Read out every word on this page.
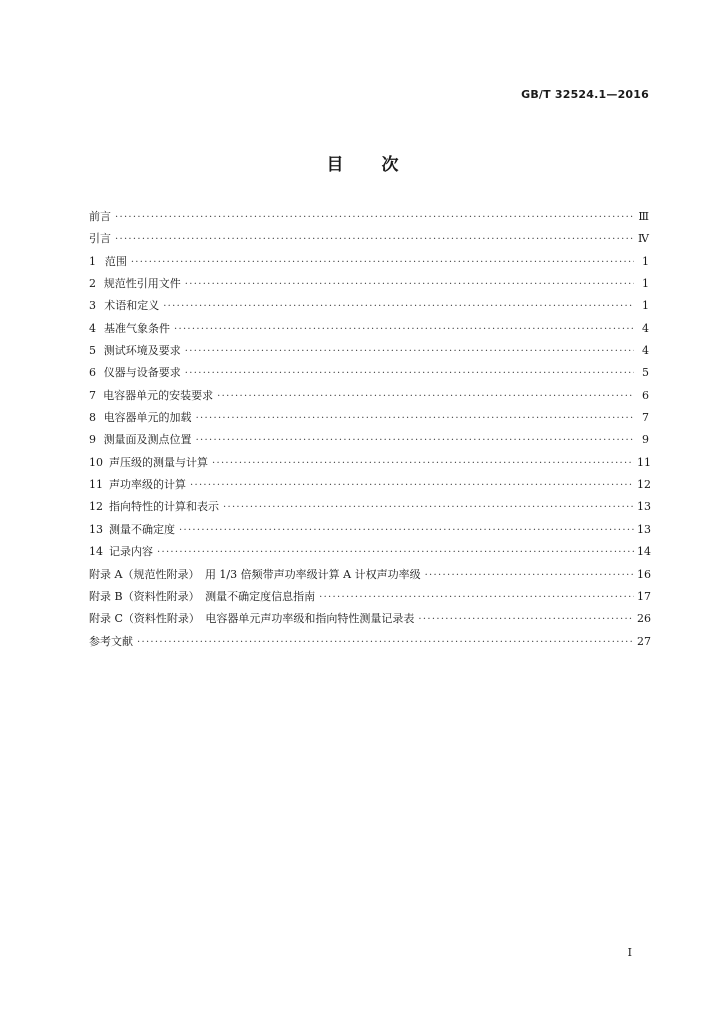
GB/T 32524.1—2016
目 次
前言 ·····	Ⅲ
引言 ·····	Ⅳ
1 范围 ·····	1
2 规范性引用文件 ·····	1
3 术语和定义 ·····	1
4 基准气象条件 ·····	4
5 测试环境及要求 ·····	4
6 仪器与设备要求 ·····	5
7 电容器单元的安装要求 ·····	6
8 电容器单元的加载 ·····	7
9 测量面及测点位置 ·····	9
10 声压级的测量与计算 ·····	11
11 声功率级的计算 ·····	12
12 指向特性的计算和表示 ·····	13
13 测量不确定度 ·····	13
14 记录内容 ·····	14
附录 A（规范性附录）　用 1/3 倍频带声功率级计算 A 计权声功率级 ·····	16
附录 B（资料性附录）　测量不确定度信息指南 ·····	17
附录 C（资料性附录）　电容器单元声功率级和指向特性测量记录表 ·····	26
参考文献 ·····	27
I
